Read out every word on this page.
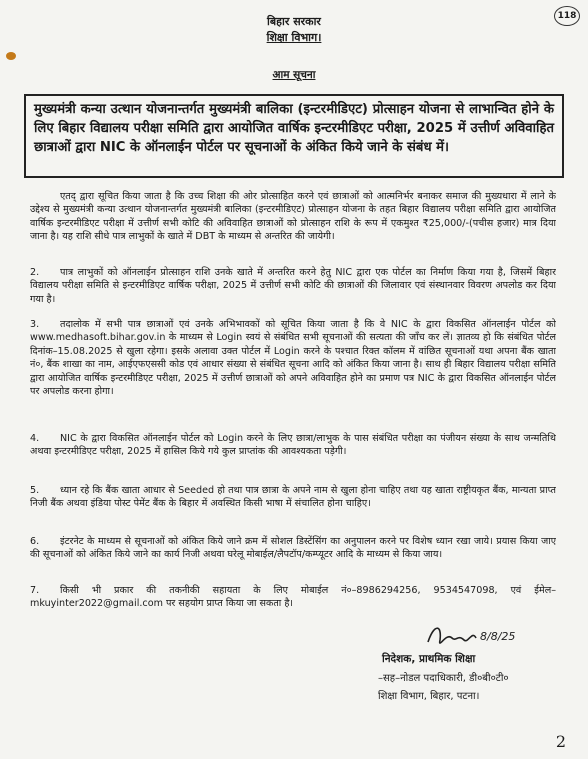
118
बिहार सरकार
शिक्षा विभाग।
आम सूचना
मुख्यमंत्री कन्या उत्थान योजनान्तर्गत मुख्यमंत्री बालिका (इन्टरमीडिएट) प्रोत्साहन योजना से लाभान्वित होने के लिए बिहार विद्यालय परीक्षा समिति द्वारा आयोजित वार्षिक इन्टरमीडिएट परीक्षा, 2025 में उत्तीर्ण अविवाहित छात्राओं द्वारा NIC के ऑनलाईन पोर्टल पर सूचनाओं के अंकित किये जाने के संबंध में।
एतद् द्वारा सूचित किया जाता है कि उच्च शिक्षा की ओर प्रोत्साहित करने एवं छात्राओं को आत्मनिर्भर बनाकर समाज की मुख्यधारा में लाने के उद्देश्य से मुख्यमंत्री कन्या उत्थान योजनान्तर्गत मुख्यमंत्री बालिका (इन्टरमीडिएट) प्रोत्साहन योजना के तहत बिहार विद्यालय परीक्षा समिति द्वारा आयोजित वार्षिक इन्टरमीडिएट परीक्षा में उत्तीर्ण सभी कोटि की अविवाहित छात्राओं को प्रोत्साहन राशि के रूप में एकमुश्त ₹25,000/-(पचीस हजार) मात्र दिया जाना है। यह राशि सीधे पात्र लाभुकों के खाते में DBT के माध्यम से अन्तरित की जायेगी।
2. पात्र लाभुकों को ऑनलाईन प्रोत्साहन राशि उनके खाते में अन्तरित करने हेतु NIC द्वारा एक पोर्टल का निर्माण किया गया है, जिसमें बिहार विद्यालय परीक्षा समिति से इन्टरमीडिएट वार्षिक परीक्षा, 2025 में उत्तीर्ण सभी कोटि की छात्राओं की जिलावार एवं संस्थानवार विवरण अपलोड कर दिया गया है।
3. तदालोक में सभी पात्र छात्राओं एवं उनके अभिभावकों को सूचित किया जाता है कि वे NIC के द्वारा विकसित ऑनलाईन पोर्टल को www.medhasoft.bihar.gov.in के माध्यम से Login स्वयं से संबंधित सभी सूचनाओं की सत्यता की जाँच कर लें। ज्ञातव्य हो कि संबंधित पोर्टल दिनांक–15.08.2025 से खुला रहेगा। इसके अलावा उक्त पोर्टल में Login करने के पश्चात रिक्त कॉलम में वांछित सूचनाओं यथा अपना बैंक खाता नं०, बैंक शाखा का नाम, आईएफएससी कोड एवं आधार संख्या से संबंधित सूचना आदि को अंकित किया जाना है। साथ ही बिहार विद्यालय परीक्षा समिति द्वारा आयोजित वार्षिक इन्टरमीडिएट परीक्षा, 2025 में उत्तीर्ण छात्राओं को अपने अविवाहित होने का प्रमाण पत्र NIC के द्वारा विकसित ऑनलाईन पोर्टल पर अपलोड करना होगा।
4. NIC के द्वारा विकसित ऑनलाईन पोर्टल को Login करने के लिए छात्रा/लाभुक के पास संबंधित परीक्षा का पंजीयन संख्या के साथ जन्मतिथि अथवा इन्टरमीडिएट परीक्षा, 2025 में हासिल किये गये कुल प्राप्तांक की आवश्यकता पड़ेगी।
5. ध्यान रहे कि बैंक खाता आधार से Seeded हो तथा पात्र छात्रा के अपने नाम से खुला होना चाहिए तथा यह खाता राष्ट्रीयकृत बैंक, मान्यता प्राप्त निजी बैंक अथवा इंडिया पोस्ट पेमेंट बैंक के बिहार में अवस्थित किसी भाषा में संचालित होना चाहिए।
6. इंटरनेट के माध्यम से सूचनाओं को अंकित किये जाने क्रम में सोशल डिस्टेंसिंग का अनुपालन करने पर विशेष ध्यान रखा जाये। प्रयास किया जाए की सूचनाओं को अंकित किये जाने का कार्य निजी अथवा घरेलू मोबाईल/लैपटॉप/कम्प्यूटर आदि के माध्यम से किया जाय।
7. किसी भी प्रकार की तकनीकी सहायता के लिए मोबाईल नं०–8986294256, 9534547098, एवं ईमेल–mkuyinter2022@gmail.com पर सहयोग प्राप्त किया जा सकता है।
8/8/25
निदेशक, प्राथमिक शिक्षा
–सह–नोडल पदाधिकारी, डी०बी०टी०
शिक्षा विभाग, बिहार, पटना।
2
